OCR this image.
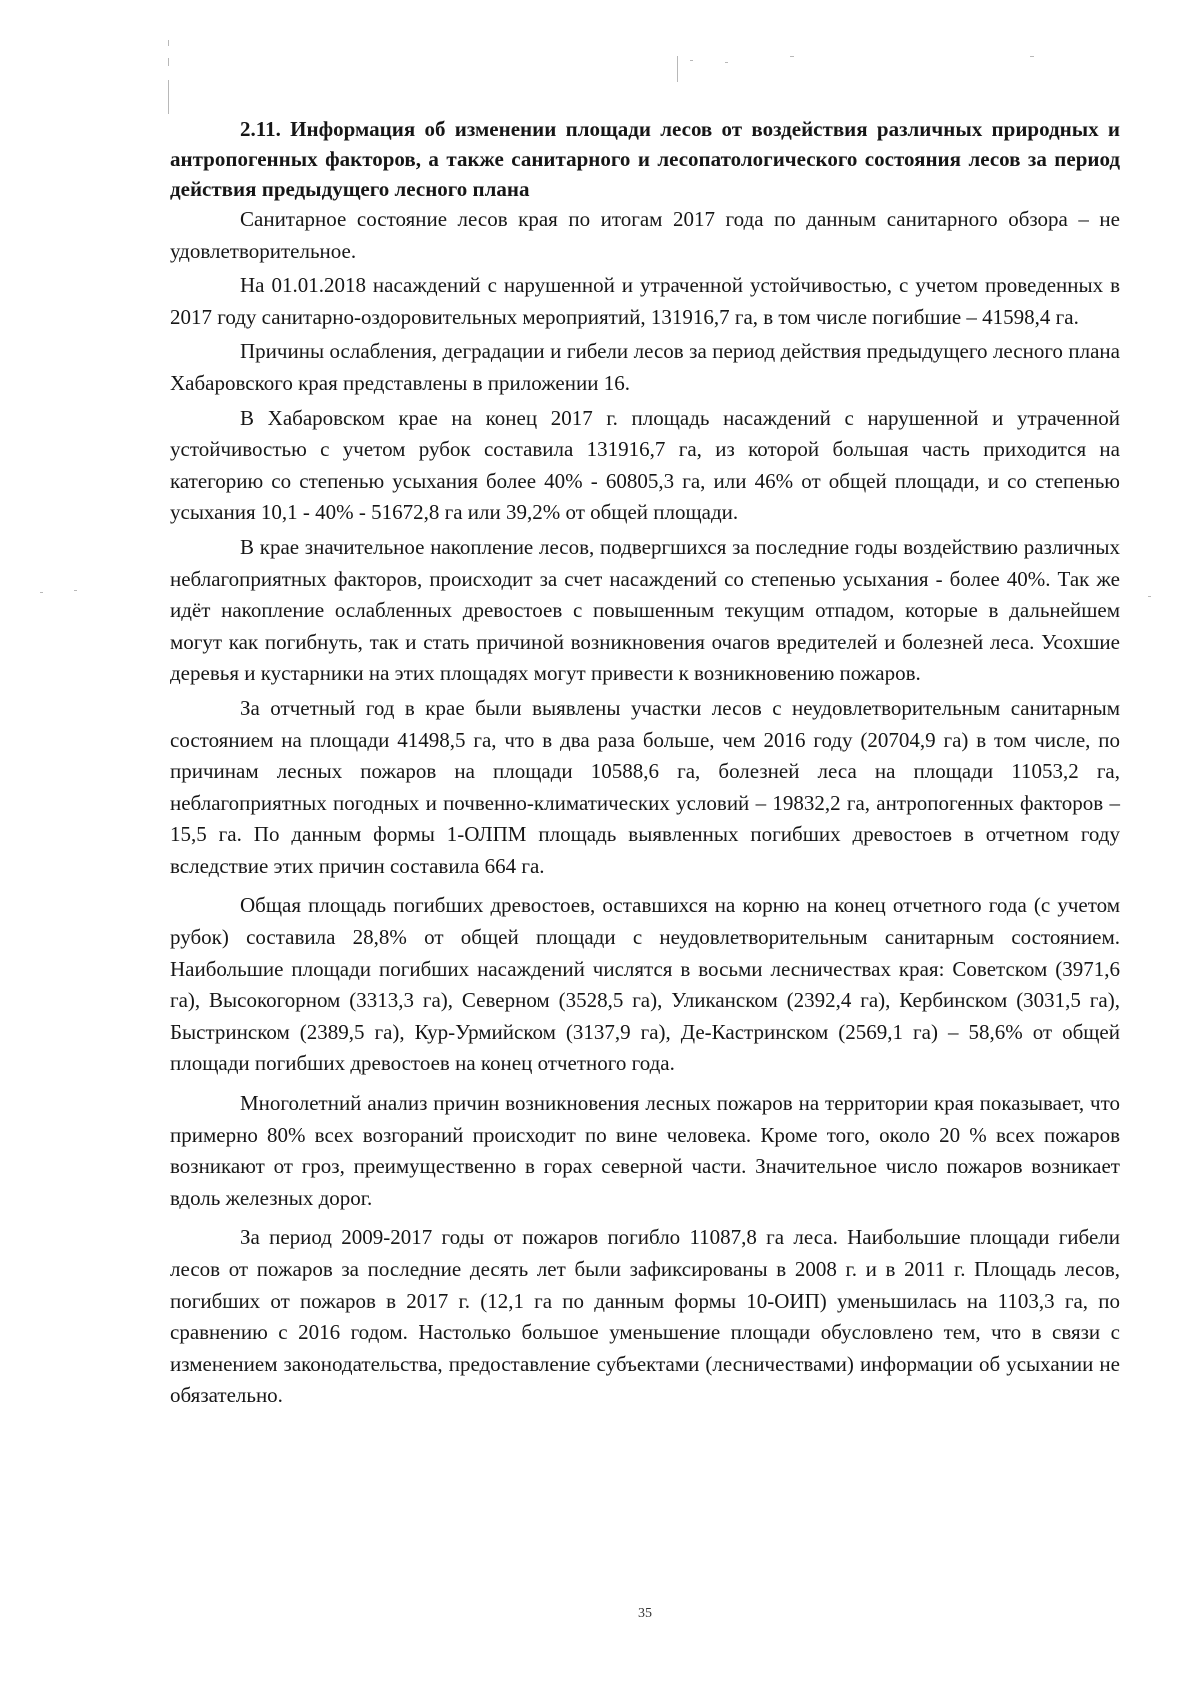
2.11. Информация об изменении площади лесов от воздействия различных природных и антропогенных факторов, а также санитарного и лесопатологического состояния лесов за период действия предыдущего лесного плана

Санитарное состояние лесов края по итогам 2017 года по данным санитарного обзора – не удовлетворительное.

На 01.01.2018 насаждений с нарушенной и утраченной устойчивостью, с учетом проведенных в 2017 году санитарно-оздоровительных мероприятий, 131916,7 га, в том числе погибшие – 41598,4 га.

Причины ослабления, деградации и гибели лесов за период действия предыдущего лесного плана Хабаровского края представлены в приложении 16.

В Хабаровском крае на конец 2017 г. площадь насаждений с нарушенной и утраченной устойчивостью с учетом рубок составила 131916,7 га, из которой большая часть приходится на категорию со степенью усыхания более 40% - 60805,3 га, или 46% от общей площади, и со степенью усыхания 10,1 - 40% - 51672,8 га или 39,2% от общей площади.

В крае значительное накопление лесов, подвергшихся за последние годы воздействию различных неблагоприятных факторов, происходит за счет насаждений со степенью усыхания - более 40%. Так же идёт накопление ослабленных древостоев с повышенным текущим отпадом, которые в дальнейшем могут как погибнуть, так и стать причиной возникновения очагов вредителей и болезней леса. Усохшие деревья и кустарники на этих площадях могут привести к возникновению пожаров.

За отчетный год в крае были выявлены участки лесов с неудовлетворительным санитарным состоянием на площади 41498,5 га, что в два раза больше, чем 2016 году (20704,9 га) в том числе, по причинам лесных пожаров на площади 10588,6 га, болезней леса на площади 11053,2 га, неблагоприятных погодных и почвенно-климатических условий – 19832,2 га, антропогенных факторов – 15,5 га. По данным формы 1-ОЛПМ площадь выявленных погибших древостоев в отчетном году вследствие этих причин составила 664 га.

Общая площадь погибших древостоев, оставшихся на корню на конец отчетного года (с учетом рубок) составила 28,8% от общей площади с неудовлетворительным санитарным состоянием. Наибольшие площади погибших насаждений числятся в восьми лесничествах края: Советском (3971,6 га), Высокогорном (3313,3 га), Северном (3528,5 га), Уликанском (2392,4 га), Кербинском (3031,5 га), Быстринском (2389,5 га), Кур-Урмийском (3137,9 га), Де-Кастринском (2569,1 га) – 58,6% от общей площади погибших древостоев на конец отчетного года.

Многолетний анализ причин возникновения лесных пожаров на территории края показывает, что примерно 80% всех возгораний происходит по вине человека. Кроме того, около 20 % всех пожаров возникают от гроз, преимущественно в горах северной части. Значительное число пожаров возникает вдоль железных дорог.

За период 2009-2017 годы от пожаров погибло 11087,8 га леса. Наибольшие площади гибели лесов от пожаров за последние десять лет были зафиксированы в 2008 г. и в 2011 г. Площадь лесов, погибших от пожаров в 2017 г. (12,1 га по данным формы 10-ОИП) уменьшилась на 1103,3 га, по сравнению с 2016 годом. Настолько большое уменьшение площади обусловлено тем, что в связи с изменением законодательства, предоставление субъектами (лесничествами) информации об усыхании не обязательно.

35
